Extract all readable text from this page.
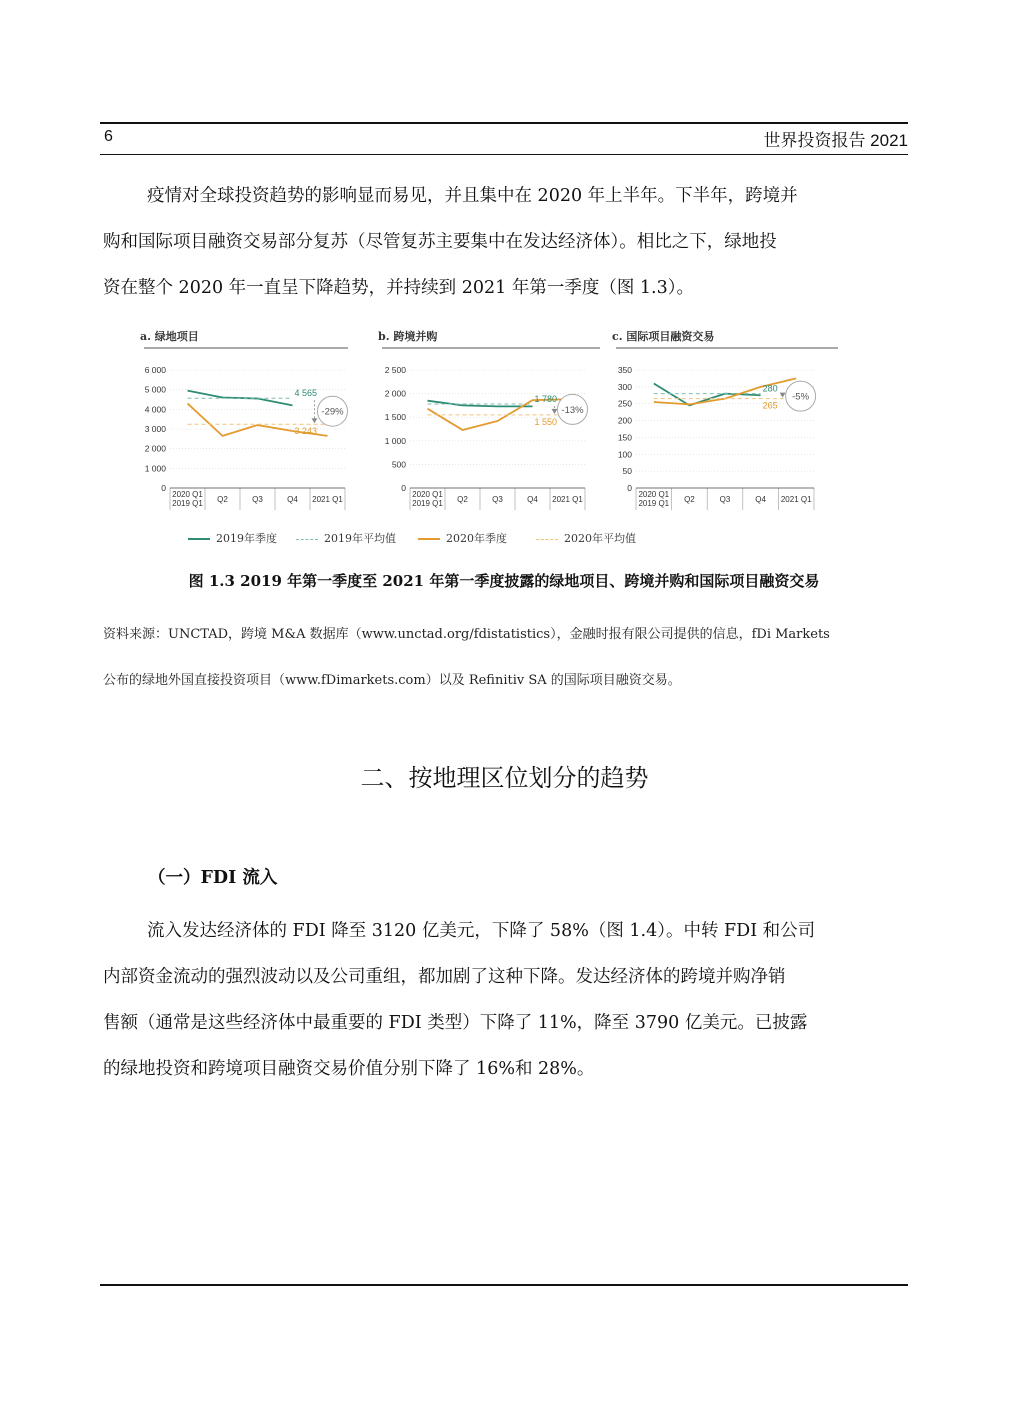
6	世界投资报告 2021
疫情对全球投资趋势的影响显而易见，并且集中在 2020 年上半年。下半年，跨境并
购和国际项目融资交易部分复苏（尽管复苏主要集中在发达经济体）。相比之下，绿地投
资在整个 2020 年一直呈下降趋势，并持续到 2021 年第一季度（图 1.3）。
a. 绿地项目
0
1 000
2 000
3 000
4 000
5 000
6 000
2020 Q1
2019 Q1 Q2	Q3	Q4 2021 Q1
4 565
3 243
-29%
b. 跨境并购
0
500
1 000
1 500
2 000
2 500
2020 Q1
2019 Q1 Q2	Q3	Q4 2021 Q1
1 780
1 550
-13%
c. 国际项目融资交易
0
50
100
150
200
250
300
350
2020 Q1
2019 Q1 Q2	Q3	Q4 2021 Q1
280
265
-5%
2019年季度	2019年平均值	2020年季度	2020年平均值
图 1.3 2019 年第一季度至 2021 年第一季度披露的绿地项目、跨境并购和国际项目融资交易
资料来源：UNCTAD，跨境 M&A 数据库（www.unctad.org/fdistatistics），金融时报有限公司提供的信息，fDi Markets
公布的绿地外国直接投资项目（www.fDimarkets.com）以及 Refinitiv SA 的国际项目融资交易。
二、按地理区位划分的趋势
（一）FDI 流入
流入发达经济体的 FDI 降至 3120 亿美元，下降了 58%（图 1.4）。中转 FDI 和公司
内部资金流动的强烈波动以及公司重组，都加剧了这种下降。发达经济体的跨境并购净销
售额（通常是这些经济体中最重要的 FDI 类型）下降了 11%，降至 3790 亿美元。已披露
的绿地投资和跨境项目融资交易价值分别下降了 16%和 28%。
